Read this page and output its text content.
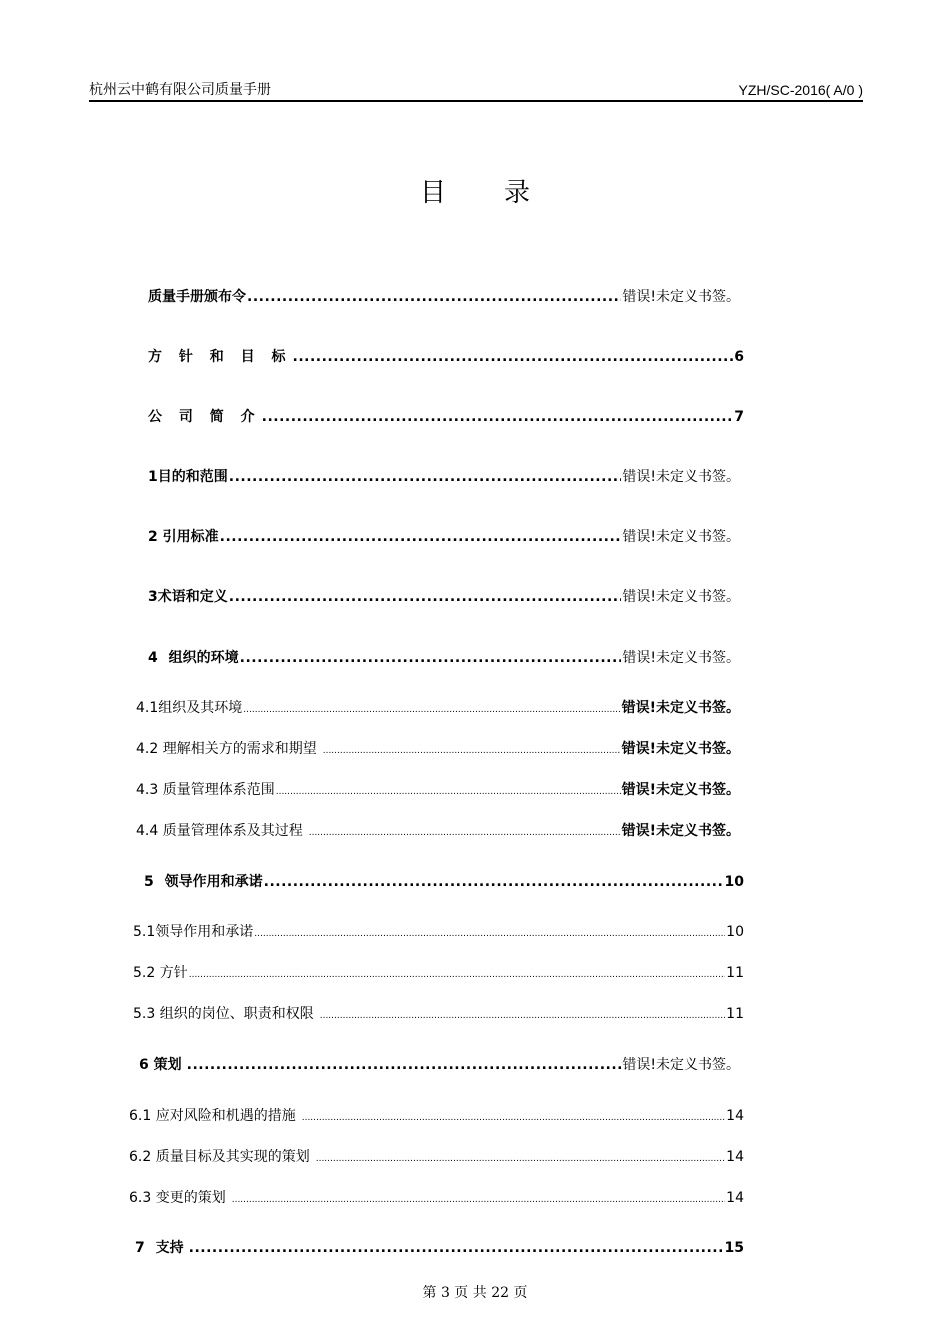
杭州云中鹤有限公司质量手册	YZH/SC-2016( A/0 )
目 录
质量手册颁布令 .....	错误!未定义书签。
方 针 和 目 标 .....	6
公 司 简 介 .....	7
1目的和范围 .....	错误!未定义书签。
2 引用标准 .....	错误!未定义书签。
3术语和定义 .....	错误!未定义书签。
4 组织的环境 .....	错误!未定义书签。
4.1组织及其环境 .....	错误!未定义书签。
4.2 理解相关方的需求和期望 .....	错误!未定义书签。
4.3 质量管理体系范围 .....	错误!未定义书签。
4.4 质量管理体系及其过程 .....	错误!未定义书签。
5 领导作用和承诺 .....	10
5.1领导作用和承诺 .....	10
5.2 方针 .....	11
5.3 组织的岗位、职责和权限 .....	11
6 策划 .....	错误!未定义书签。
6.1 应对风险和机遇的措施 .....	14
6.2 质量目标及其实现的策划 .....	14
6.3 变更的策划 .....	14
7 支持 .....	15
第 3 页 共 22 页
